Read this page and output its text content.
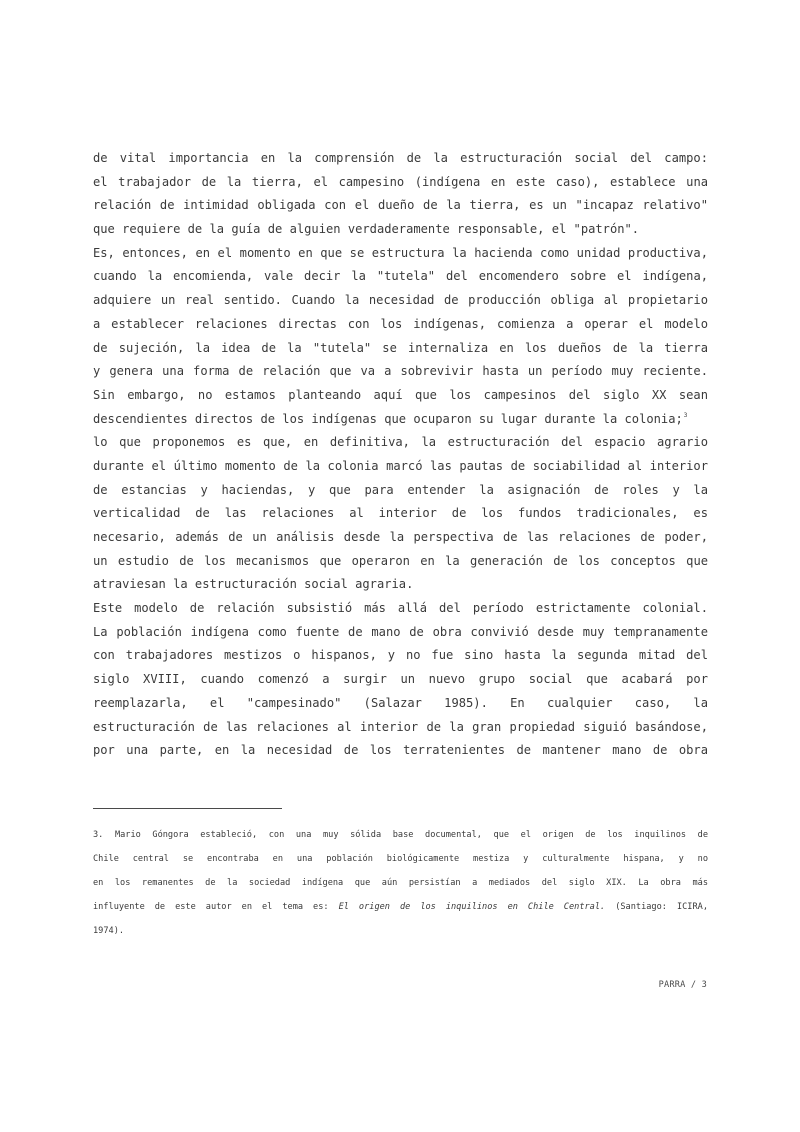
de vital importancia en la comprensión de la estructuración social del campo:
el trabajador de la tierra, el campesino (indígena en este caso), establece una
relación de intimidad obligada con el dueño de la tierra, es un "incapaz relativo"
que requiere de la guía de alguien verdaderamente responsable, el "patrón".
Es, entonces, en el momento en que se estructura la hacienda como unidad productiva,
cuando la encomienda, vale decir la "tutela" del encomendero sobre el indígena,
adquiere un real sentido. Cuando la necesidad de producción obliga al propietario
a establecer relaciones directas con los indígenas, comienza a operar el modelo
de sujeción, la idea de la "tutela" se internaliza en los dueños de la tierra
y genera una forma de relación que va a sobrevivir hasta un período muy reciente.
Sin embargo, no estamos planteando aquí que los campesinos del siglo XX sean
descendientes directos de los indígenas que ocuparon su lugar durante la colonia;$^3$
lo que proponemos es que, en definitiva, la estructuración del espacio agrario
durante el último momento de la colonia marcó las pautas de sociabilidad al interior
de estancias y haciendas, y que para entender la asignación de roles y la
verticalidad de las relaciones al interior de los fundos tradicionales, es
necesario, además de un análisis desde la perspectiva de las relaciones de poder,
un estudio de los mecanismos que operaron en la generación de los conceptos que
atraviesan la estructuración social agraria.
Este modelo de relación subsistió más allá del período estrictamente colonial.
La población indígena como fuente de mano de obra convivió desde muy tempranamente
con trabajadores mestizos o hispanos, y no fue sino hasta la segunda mitad del
siglo XVIII, cuando comenzó a surgir un nuevo grupo social que acabará por
reemplazarla, el "campesinado" (Salazar 1985). En cualquier caso, la
estructuración de las relaciones al interior de la gran propiedad siguió basándose,
por una parte, en la necesidad de los terratenientes de mantener mano de obra
3. Mario Góngora estableció, con una muy sólida base documental, que el origen de los inquilinos de
Chile central se encontraba en una población biológicamente mestiza y culturalmente hispana, y no
en los remanentes de la sociedad indígena que aún persistían a mediados del siglo XIX. La obra más
influyente de este autor en el tema es: El origen de los inquilinos en Chile Central. (Santiago: ICIRA,
1974).
PARRA / 3
